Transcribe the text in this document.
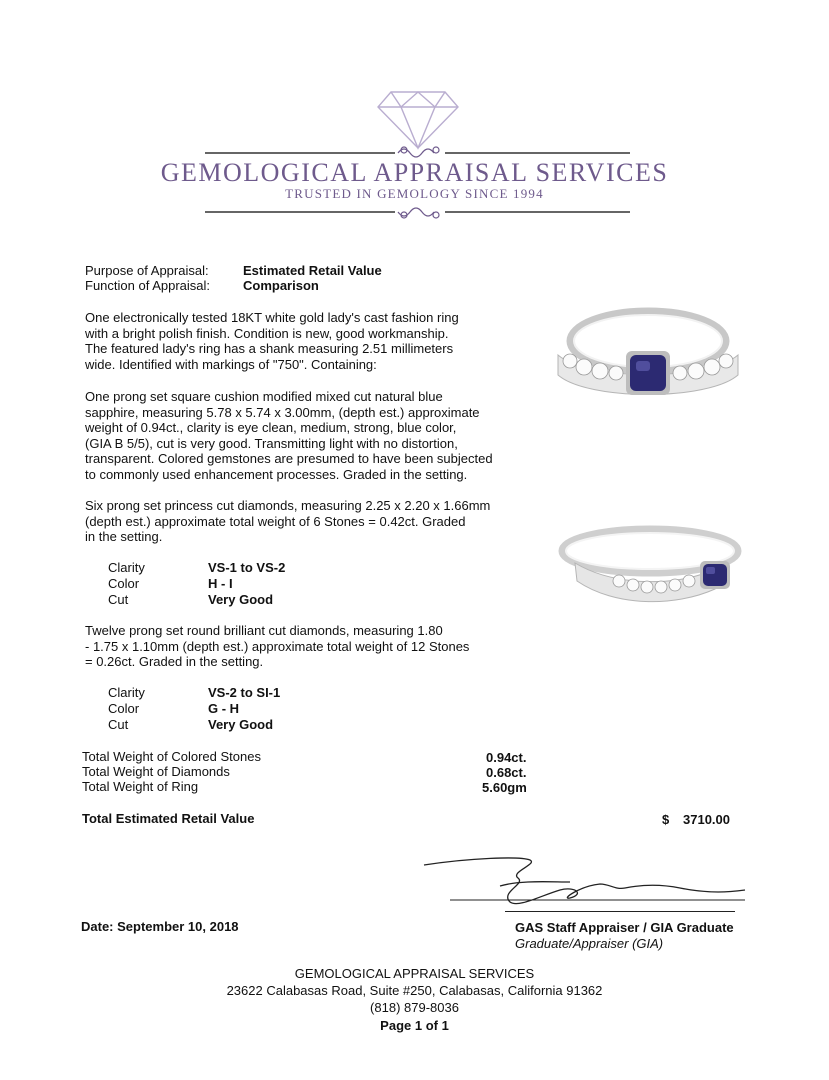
GEMOLOGICAL APPRAISAL SERVICES
TRUSTED IN GEMOLOGY SINCE 1994
Purpose of Appraisal:	Estimated Retail Value
Function of Appraisal:	Comparison
One electronically tested 18KT white gold lady's cast fashion ring
with a bright polish finish. Condition is new, good workmanship.
The featured lady's ring has a shank measuring 2.51 millimeters
wide. Identified with markings of "750". Containing:
One prong set square cushion modified mixed cut natural blue
sapphire, measuring 5.78 x 5.74 x 3.00mm, (depth est.) approximate
weight of 0.94ct., clarity is eye clean, medium, strong, blue color,
(GIA B 5/5), cut is very good. Transmitting light with no distortion,
transparent. Colored gemstones are presumed to have been subjected
to commonly used enhancement processes. Graded in the setting.
Six prong set princess cut diamonds, measuring 2.25 x 2.20 x 1.66mm
(depth est.) approximate total weight of 6 Stones = 0.42ct. Graded
in the setting.
Clarity	VS-1 to VS-2
Color	H - I
Cut	Very Good
Twelve prong set round brilliant cut diamonds, measuring 1.80
- 1.75 x 1.10mm (depth est.) approximate total weight of 12 Stones
= 0.26ct. Graded in the setting.
Clarity	VS-2 to SI-1
Color	G - H
Cut	Very Good
Total Weight of Colored Stones	0.94ct.
Total Weight of Diamonds	0.68ct.
Total Weight of Ring	5.60gm
Total Estimated Retail Value	$ 3710.00
Date: September 10, 2018	GAS Staff Appraiser / GIA Graduate
Graduate/Appraiser (GIA)
GEMOLOGICAL APPRAISAL SERVICES
23622 Calabasas Road, Suite #250, Calabasas, California 91362
(818) 879-8036
Page 1 of 1
